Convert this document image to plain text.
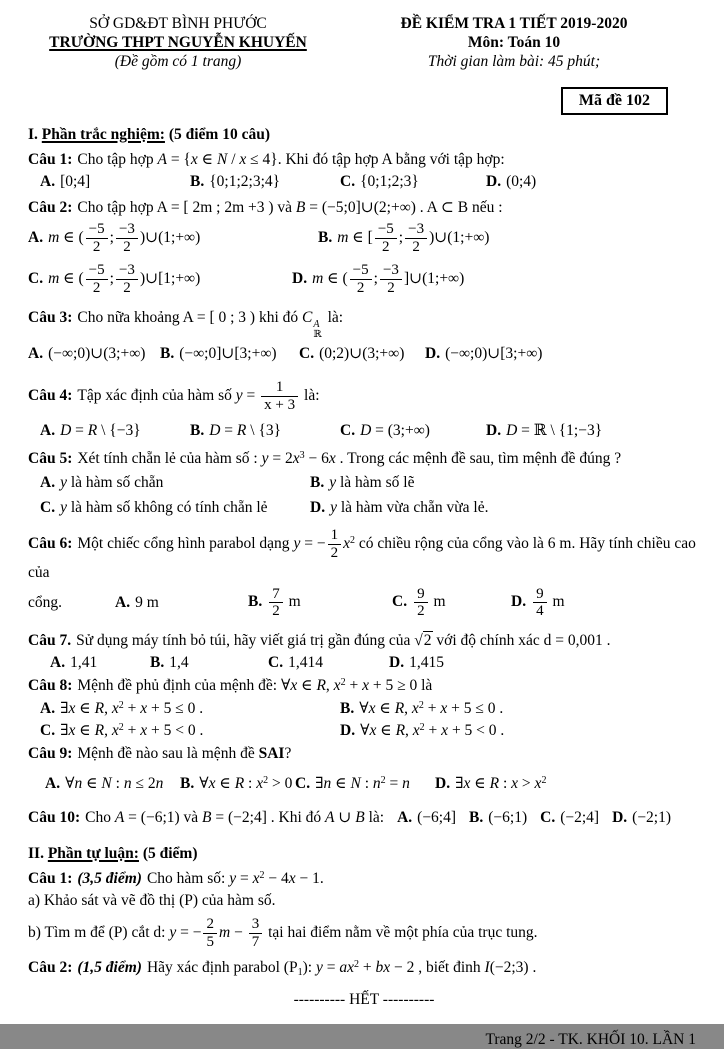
SỞ GD&ĐT BÌNH PHƯỚC

TRƯỜNG THPT NGUYỄN KHUYẾN

(Đề gồm có 1 trang)

ĐỀ KIỂM TRA 1 TIẾT 2019-2020

Môn: Toán 10

Thời gian làm bài: 45 phút;

Mã đề 102

I. Phần trắc nghiệm: (5 điểm 10 câu)

Câu 1: Cho tập hợp A = {x ∈ N / x ≤ 4}. Khi đó tập hợp A bằng với tập hợp:

A. [0;4]	B. {0;1;2;3;4}	C. {0;1;2;3}	D. (0;4)

Câu 2: Cho tập hợp A = [ 2m ; 2m +3 ) và B = (−5;0]∪(2;+∞) . A ⊂ B nếu :

A. m ∈ ( $\frac{-5}{2}$ ; $\frac{-3}{2}$ )∪(1;+∞)	B. m ∈ [ $\frac{-5}{2}$ ; $\frac{-3}{2}$ )∪(1;+∞)
C. m ∈ ( $\frac{-5}{2}$ ; $\frac{-3}{2}$ )∪[1;+∞)	D. m ∈ ( $\frac{-5}{2}$ ; $\frac{-3}{2}$ ]∪(1;+∞)

Câu 3: Cho nữa khoảng A = [ 0 ; 3 ) khi đó C A
ℝ
là:

A. (−∞;0)∪(3;+∞) B. (−∞;0]∪[3;+∞)	C. (0;2)∪(3;+∞)	D. (−∞;0)∪[3;+∞)

Câu 4: Tập xác định của hàm số $y = \frac{1}{x + 3}$ là:

A. D = R \ {−3}	B. D = R \ {3}	C. D = (3;+∞)	D. D = ℝ \ {1;−3}

Câu 5: Xét tính chẵn lẻ của hàm số : $y = 2x^3 - 6x$ . Trong các mệnh đề sau, tìm mệnh đề đúng ?

A. y là hàm số chẵn	B. y là hàm số lẽ
C. y là hàm số không có tính chẵn lẻ	D. y là hàm vừa chẵn vừa lẻ.

Câu 6: Một chiếc cổng hình parabol dạng y = − $\frac{1}{2} x^2$ có chiều rộng của cổng vào là 6 m. Hãy tính chiều cao của

cổng.	A. 9 m	B. $\frac{7}{2}$ m	C. $\frac{9}{2}$ m	D. $\frac{9}{4}$ m

Câu 7. Sử dụng máy tính bỏ túi, hãy viết giá trị gần đúng của √2 với độ chính xác d = 0,001 .

A. 1,41	B. 1,4	C. 1,414	D. 1,415

Câu 8: Mệnh đề phủ định của mệnh đề: ∀x ∈ R, $x^2 + x + 5 \ge 0$ là

A. ∃x ∈ R, $x^2 + x + 5 \le 0$ .	B. ∀x ∈ R, $x^2 + x + 5 \le 0$ .
C. ∃x ∈ R, $x^2 + x + 5 < 0$ .	D. ∀x ∈ R, $x^2 + x + 5 < 0$ .

Câu 9: Mệnh đề nào sau là mệnh đề SAI?

A. ∀n ∈ N : n ≤ 2n	B. ∀x ∈ R : $x^2 > 0$ C. ∃n ∈ N : $n^2 = n$	D. ∃x ∈ R : $x > x^2$

Câu 10: Cho A = (−6;1) và B = (−2;4] . Khi đó A ∪ B là: A. (−6;4] B. (−6;1) C. (−2;4] D. (−2;1)

II. Phần tự luận: (5 điểm)

Câu 1: (3,5 điểm) Cho hàm số: $y = x^2 - 4x - 1$.

a) Khảo sát và vẽ đồ thị (P) của hàm số.

b) Tìm m để (P) cắt d: y = − $\frac{2}{5}$ $m - \frac{3}{7}$ tại hai điểm nằm về một phía của trục tung.

Câu 2: (1,5 điểm) Hãy xác định parabol $(P_1)$: $y = ax^2$ + bx − 2 , biết đinh I(−2;3) .

---------- HẾT ----------

Trang 2/2 - TK. KHỐI 10. LẦN 1
